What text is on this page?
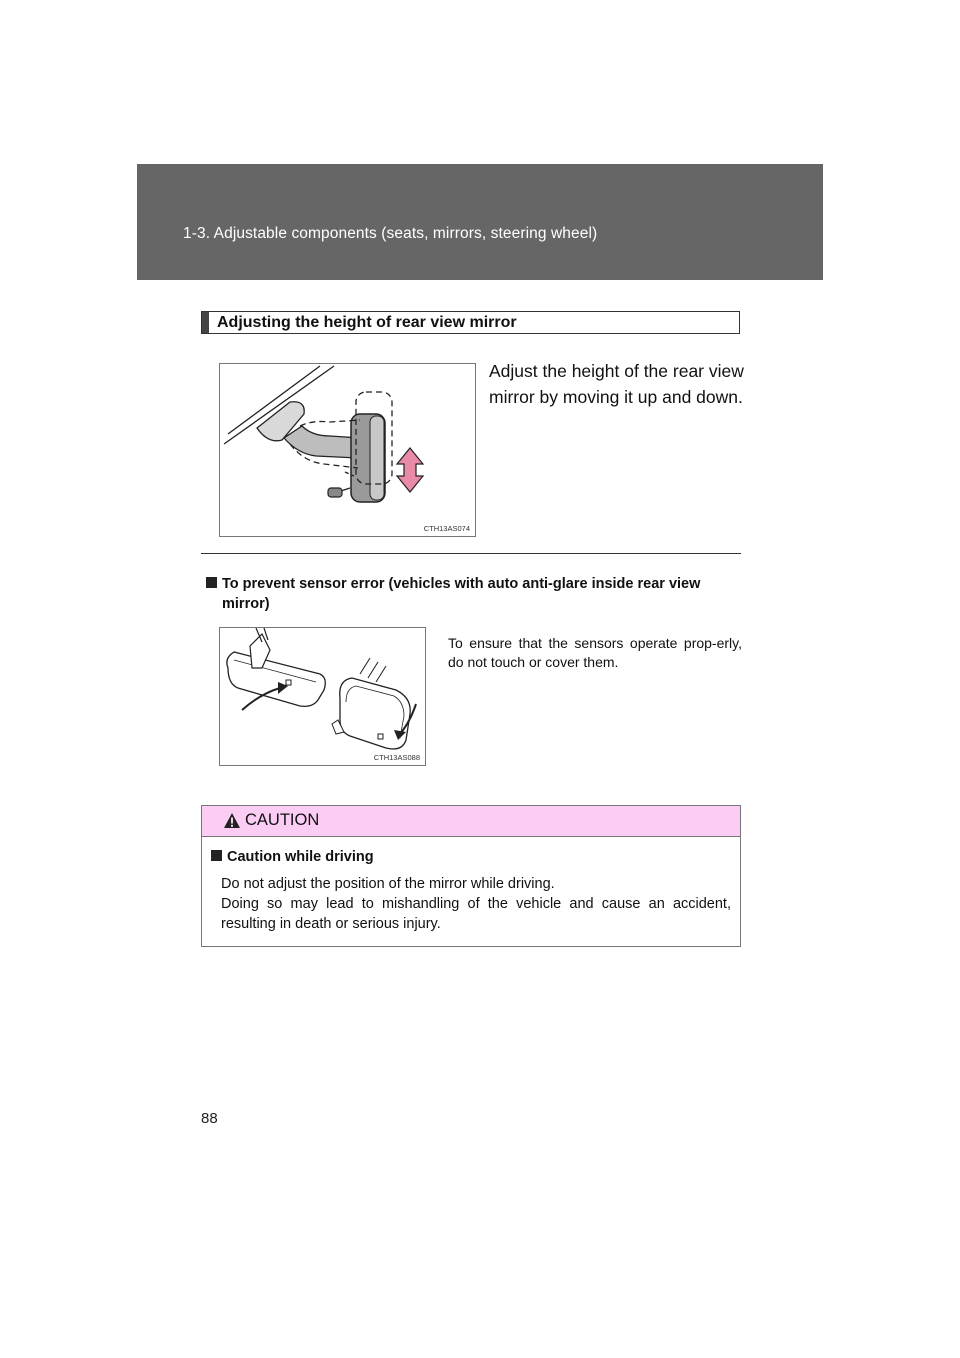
1-3. Adjustable components (seats, mirrors, steering wheel)
Adjusting the height of rear view mirror
CTH13AS074
Adjust the height of the rear view mirror by moving it up and down.
To prevent sensor error (vehicles with auto anti-glare inside rear view
mirror)
CTH13AS088
To ensure that the sensors operate prop-erly, do not touch or cover them.
CAUTION
Caution while driving

Do not adjust the position of the mirror while driving.

Doing so may lead to mishandling of the vehicle and cause an accident, resulting in death or serious injury.

88
